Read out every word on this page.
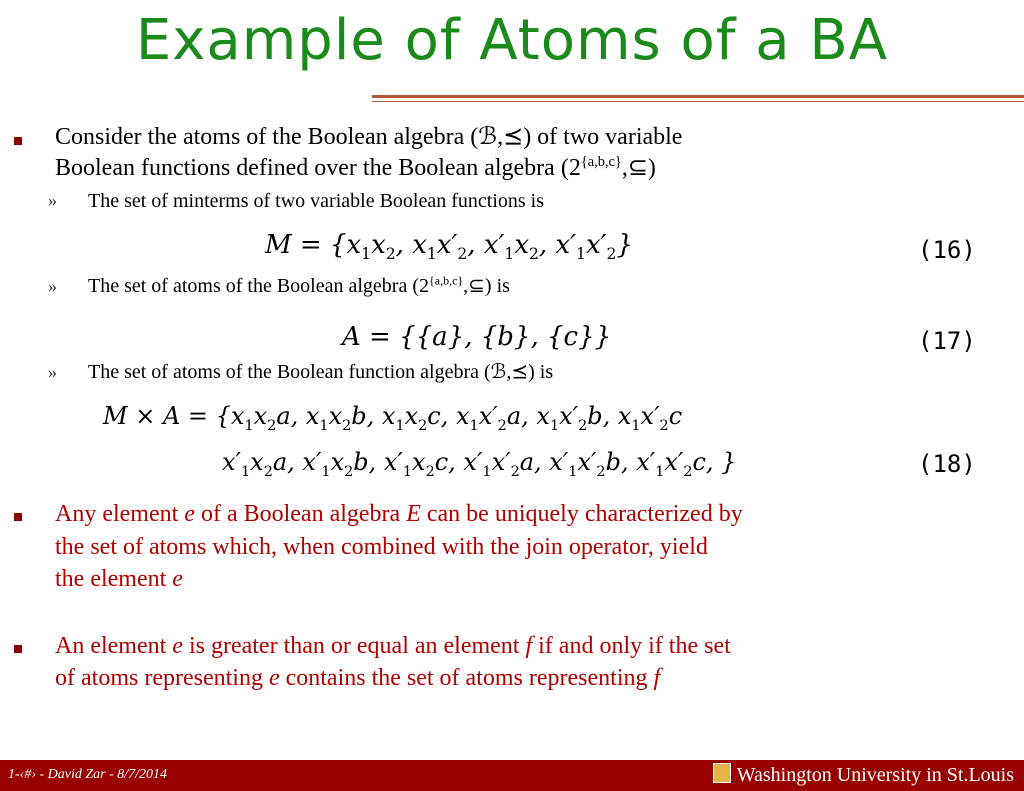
Example of Atoms of a BA
Consider the atoms of the Boolean algebra (ℬ,⪯) of two variable
Boolean functions defined over the Boolean algebra $(2^{\{a,b,c\}},⊆)$
» The set of minterms of two variable Boolean functions is
$M = \{x_1x_2$, $x_1x'_2$, $x'_1x_2$, $x'_1x'_2$}	(16)
» The set of atoms of the Boolean algebra $(2^{\{a,b,c\}},⊆)$ is
A = {{a}, {b}, {c}}	(17)
» The set of atoms of the Boolean function algebra (ℬ,⪯) is
$M \times A = \{x_1x_2a$, $x_1x_2b$, $x_1x_2c$, $x_1x'_2a$, $x_1x'_2b$, $x_1x'_2c$
$x'_1x_2a$, $x'_1x_2b$, $x'_1x_2c$, $x'_1x'_2a$, $x'_1x'_2b$, $x'_1x'_2c$, }	(18)
Any element e of a Boolean algebra E can be uniquely characterized by
the set of atoms which, when combined with the join operator, yield
the element e
An element e is greater than or equal an element f if and only if the set
of atoms representing e contains the set of atoms representing f
1-‹#› - David Zar - 8/7/2014	Washington University in St.Louis
